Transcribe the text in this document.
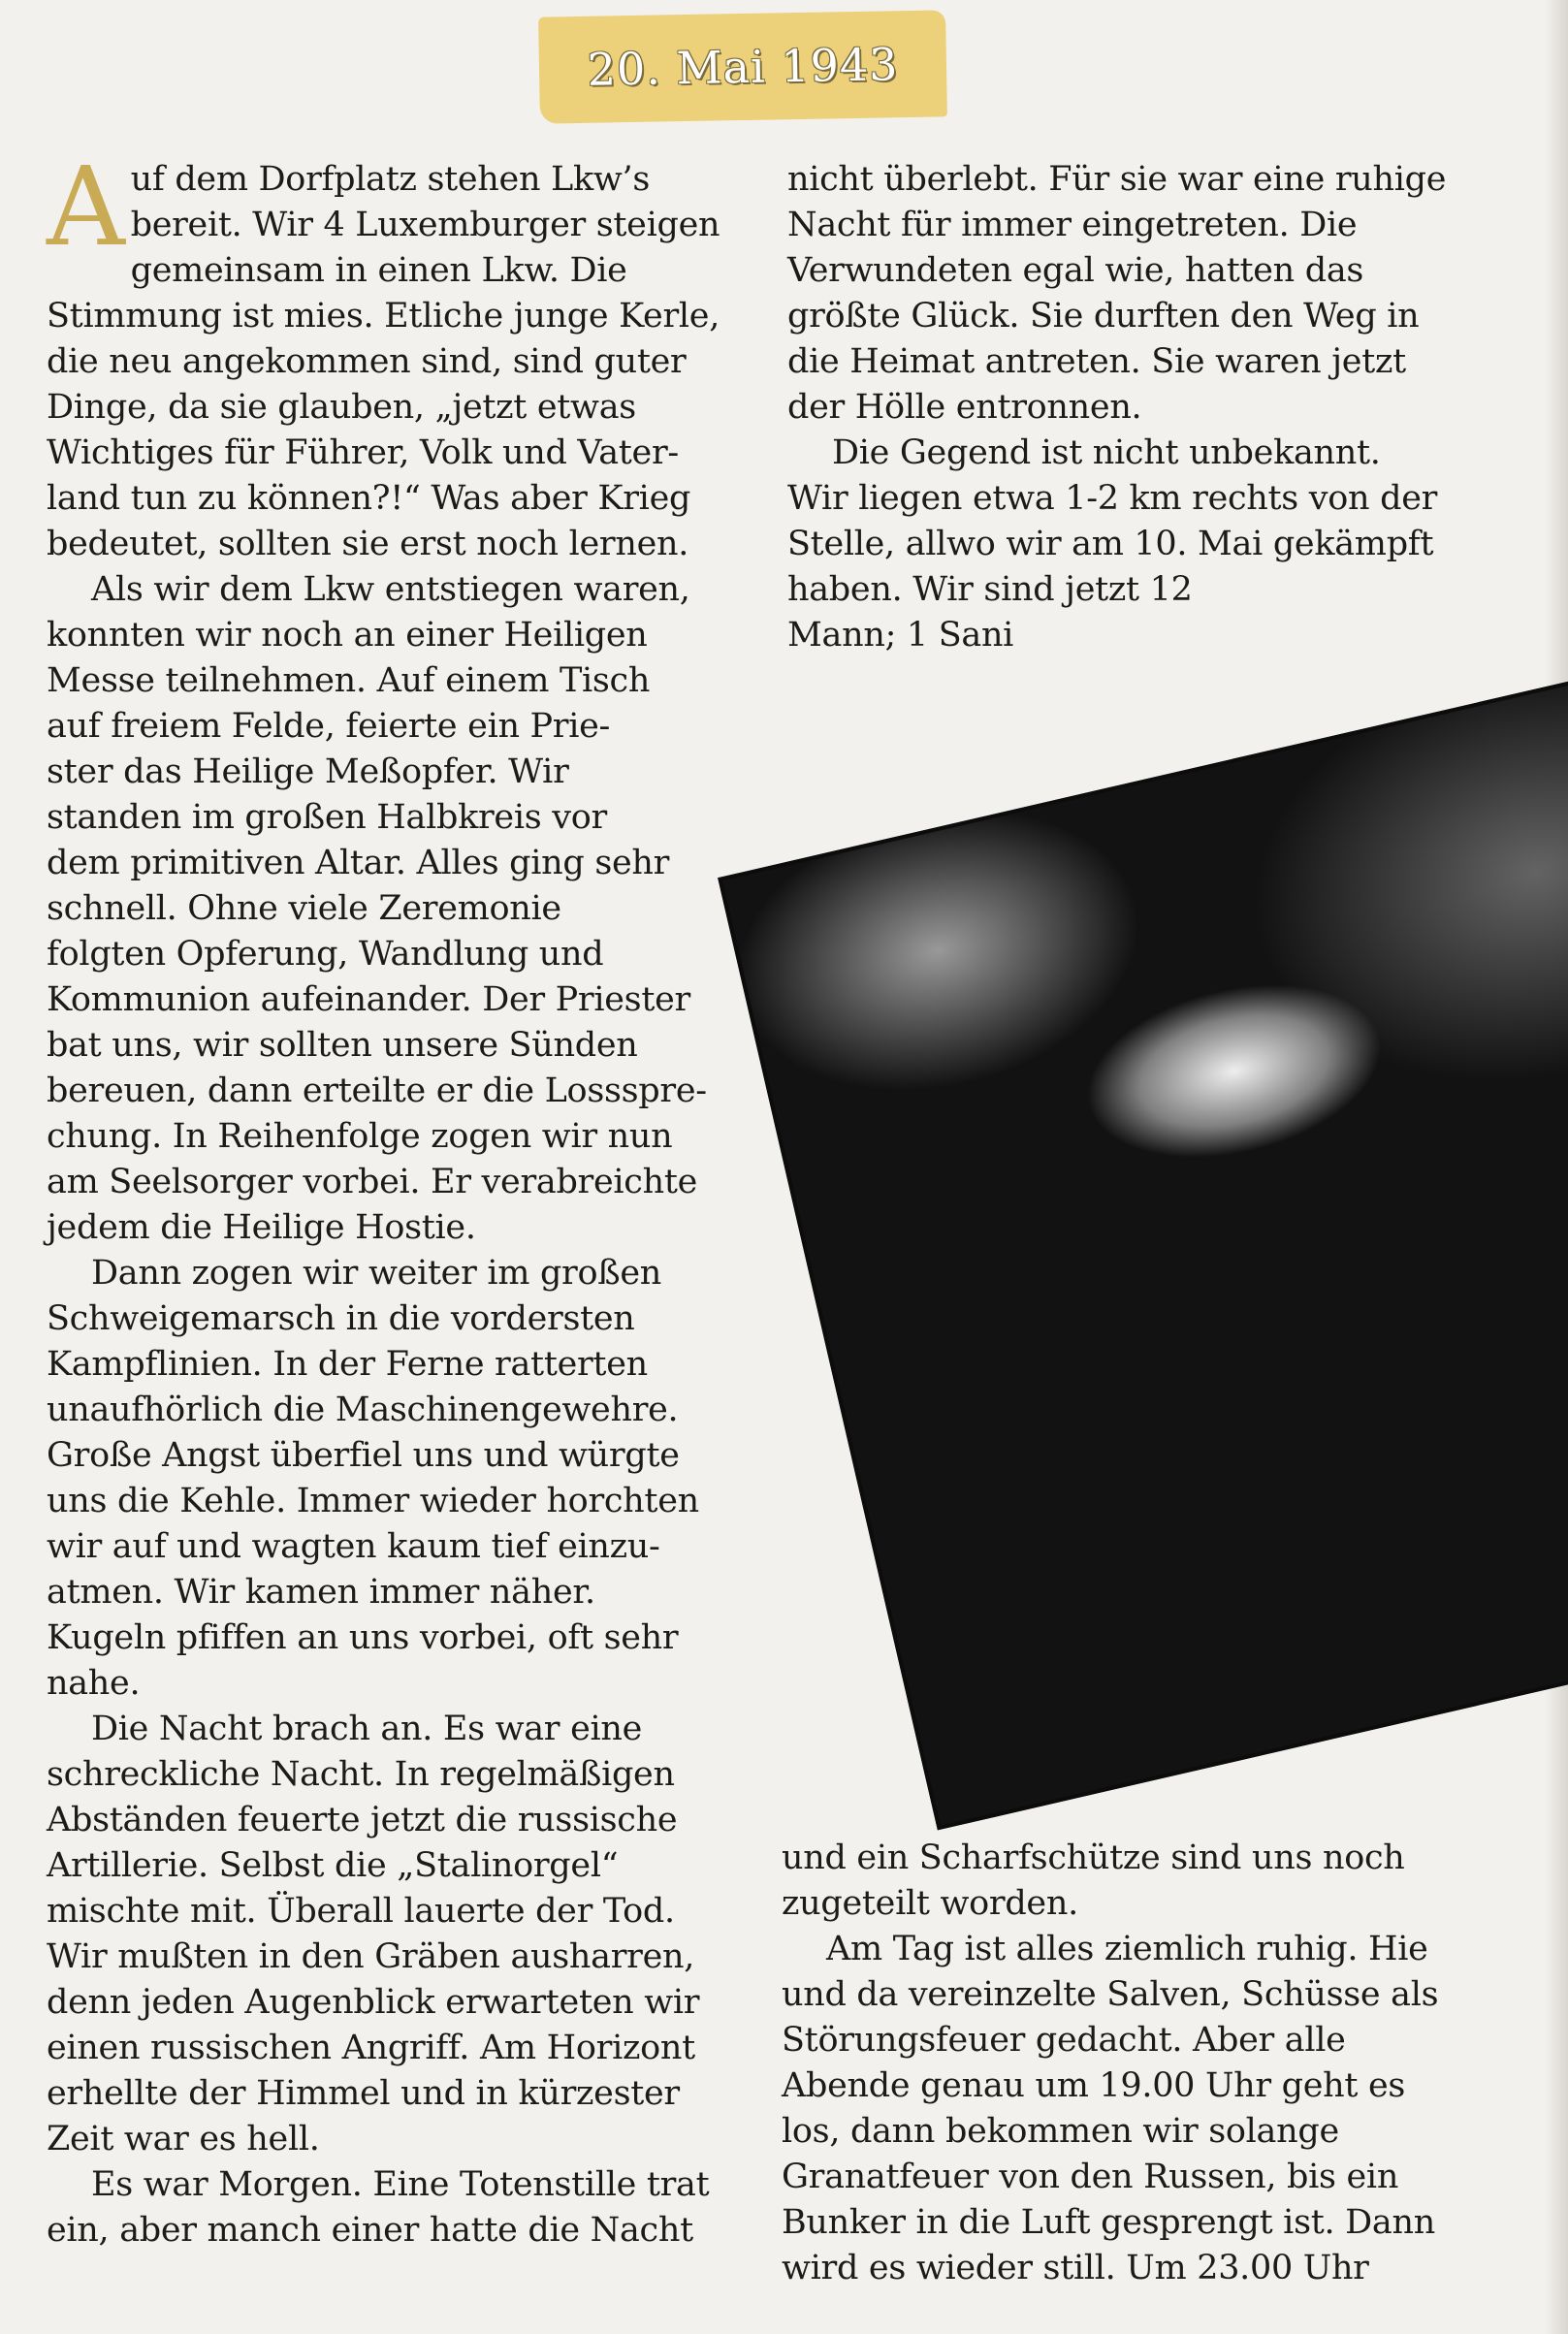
20. Mai 1943
A uf dem Dorfplatz stehen Lkw’s
bereit. Wir 4 Luxemburger steigen
gemeinsam in einen Lkw. Die
Stimmung ist mies. Etliche junge Kerle,
die neu angekommen sind, sind guter
Dinge, da sie glauben, „jetzt etwas
Wichtiges für Führer, Volk und Vater-
land tun zu können?!“ Was aber Krieg
bedeutet, sollten sie erst noch lernen.
Als wir dem Lkw entstiegen waren,
konnten wir noch an einer Heiligen
Messe teilnehmen. Auf einem Tisch
auf freiem Felde, feierte ein Prie-
ster das Heilige Meßopfer. Wir
standen im großen Halbkreis vor
dem primitiven Altar. Alles ging sehr
schnell. Ohne viele Zeremonie
folgten Opferung, Wandlung und
Kommunion aufeinander. Der Priester
bat uns, wir sollten unsere Sünden
bereuen, dann erteilte er die Lossspre-
chung. In Reihenfolge zogen wir nun
am Seelsorger vorbei. Er verabreichte
jedem die Heilige Hostie.
Dann zogen wir weiter im großen
Schweigemarsch in die vordersten
Kampflinien. In der Ferne ratterten
unaufhörlich die Maschinengewehre.
Große Angst überfiel uns und würgte
uns die Kehle. Immer wieder horchten
wir auf und wagten kaum tief einzu-
atmen. Wir kamen immer näher.
Kugeln pfiffen an uns vorbei, oft sehr
nahe.
Die Nacht brach an. Es war eine
schreckliche Nacht. In regelmäßigen
Abständen feuerte jetzt die russische
Artillerie. Selbst die „Stalinorgel“
mischte mit. Überall lauerte der Tod.
Wir mußten in den Gräben ausharren,
denn jeden Augenblick erwarteten wir
einen russischen Angriff. Am Horizont
erhellte der Himmel und in kürzester
Zeit war es hell.
Es war Morgen. Eine Totenstille trat
ein, aber manch einer hatte die Nacht
nicht überlebt. Für sie war eine ruhige
Nacht für immer eingetreten. Die
Verwundeten egal wie, hatten das
größte Glück. Sie durften den Weg in
die Heimat antreten. Sie waren jetzt
der Hölle entronnen.
Die Gegend ist nicht unbekannt.
Wir liegen etwa 1-2 km rechts von der
Stelle, allwo wir am 10. Mai gekämpft
haben. Wir sind jetzt 12
Mann; 1 Sani
und ein Scharfschütze sind uns noch
zugeteilt worden.
Am Tag ist alles ziemlich ruhig. Hie
und da vereinzelte Salven, Schüsse als
Störungsfeuer gedacht. Aber alle
Abende genau um 19.00 Uhr geht es
los, dann bekommen wir solange
Granatfeuer von den Russen, bis ein
Bunker in die Luft gesprengt ist. Dann
wird es wieder still. Um 23.00 Uhr
